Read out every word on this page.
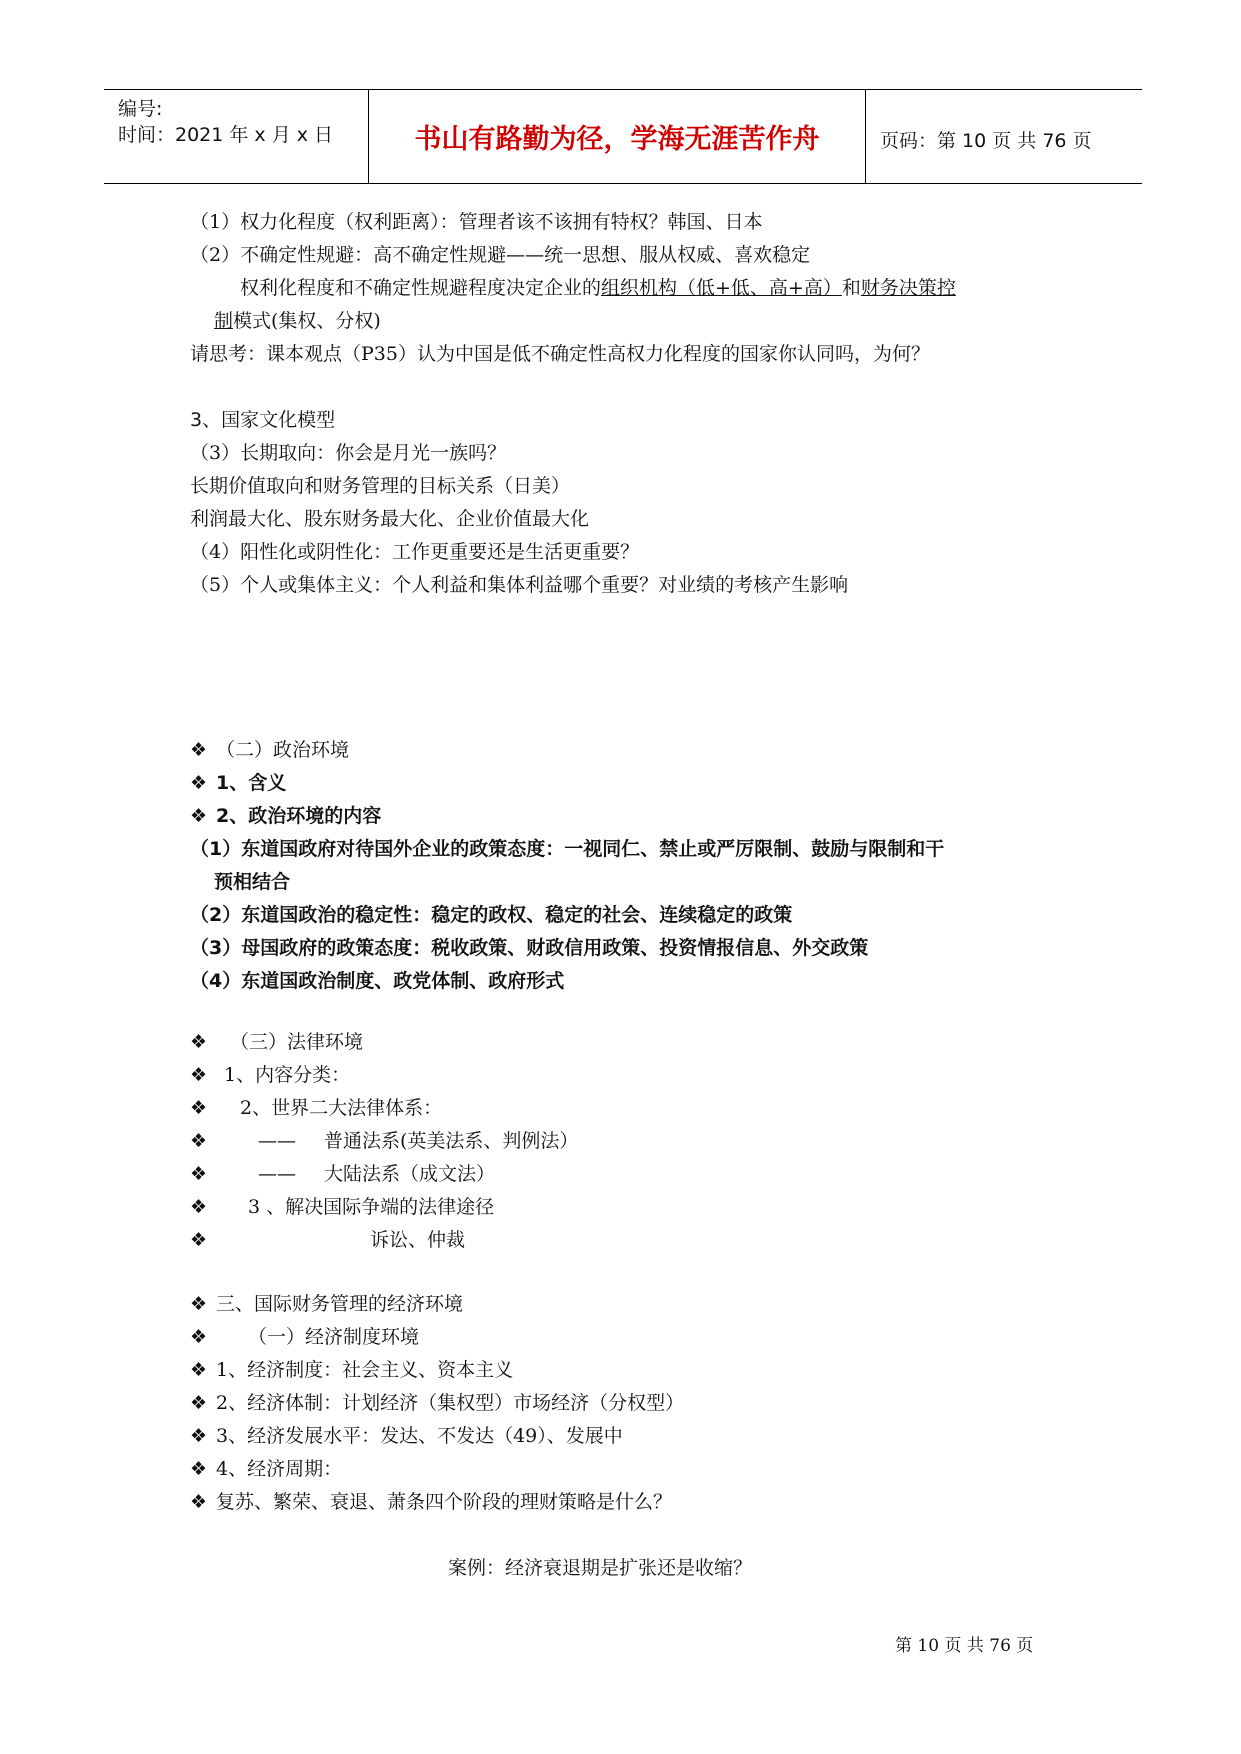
编号:
时间：2021 年 x 月 x 日	书山有路勤为径，学海无涯苦作舟	页码：第 10 页 共 76 页
（1）权力化程度（权利距离）：管理者该不该拥有特权？韩国、日本
（2）不确定性规避：高不确定性规避——统一思想、服从权威、喜欢稳定
权利化程度和不确定性规避程度决定企业的组织机构（低+低、高+高）和财务决策控
制模式(集权、分权)
请思考：课本观点（P35）认为中国是低不确定性高权力化程度的国家你认同吗，为何？
3、国家文化模型
（3）长期取向：你会是月光一族吗？
长期价值取向和财务管理的目标关系（日美）
利润最大化、股东财务最大化、企业价值最大化
（4）阳性化或阴性化：工作更重要还是生活更重要？
（5）个人或集体主义：个人利益和集体利益哪个重要？对业绩的考核产生影响
❖ （二）政治环境
❖ 1、含义
❖ 2、政治环境的内容
（1）东道国政府对待国外企业的政策态度：一视同仁、禁止或严厉限制、鼓励与限制和干
预相结合
（2）东道国政治的稳定性：稳定的政权、稳定的社会、连续稳定的政策
（3）母国政府的政策态度：税收政策、财政信用政策、投资情报信息、外交政策
（4）东道国政治制度、政党体制、政府形式
❖ （三）法律环境
❖ 1、内容分类：
❖ 2、世界二大法律体系：
❖	—— 普通法系(英美法系、判例法）
❖	—— 大陆法系（成文法）
❖ 3 、解决国际争端的法律途径
❖	诉讼、仲裁
❖ 三、国际财务管理的经济环境
❖ （一）经济制度环境
❖ 1、经济制度：社会主义、资本主义
❖ 2、经济体制：计划经济（集权型）市场经济（分权型）
❖ 3、经济发展水平：发达、不发达（49）、发展中
❖ 4、经济周期：
❖ 复苏、繁荣、衰退、萧条四个阶段的理财策略是什么？
案例：经济衰退期是扩张还是收缩？
第 10 页 共 76 页
